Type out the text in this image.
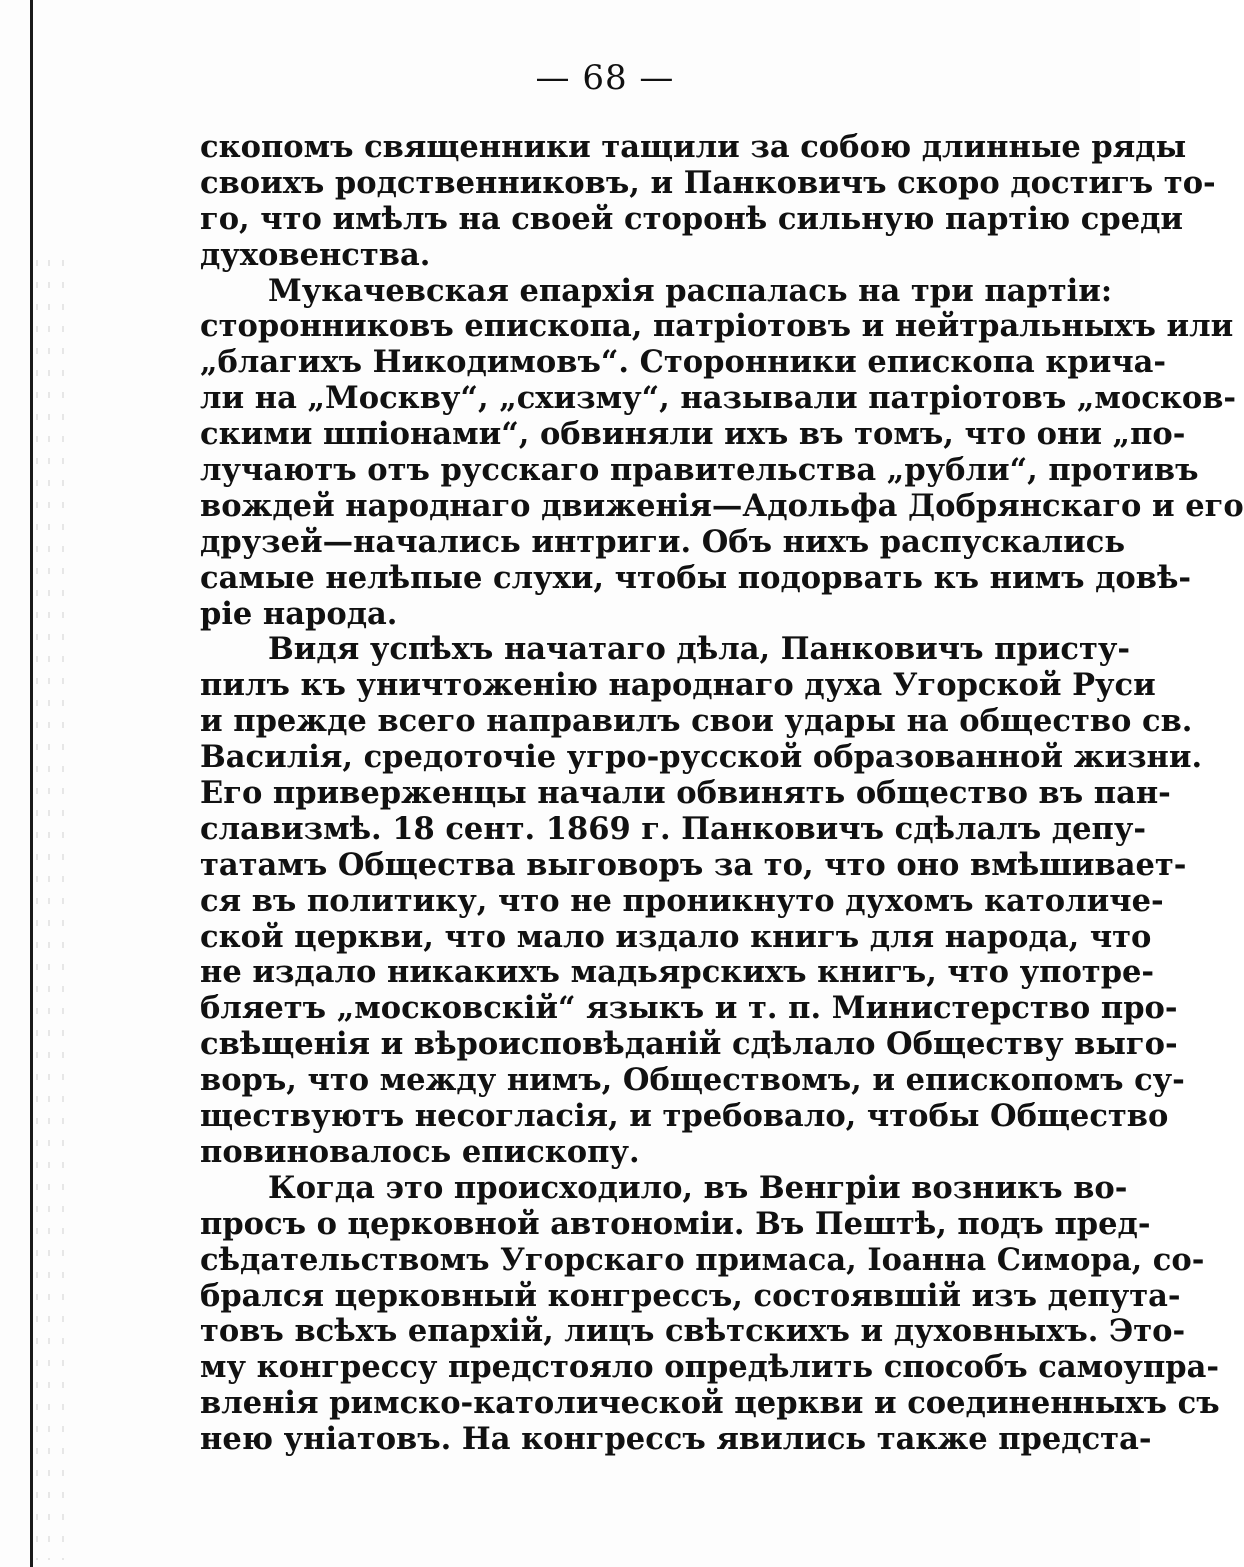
— 68 —
скопомъ священники тащили за собою длинные ряды
своихъ родственниковъ, и Панковичъ скоро достигъ то-
го, что имѣлъ на своей сторонѣ сильную партію среди
духовенства.
Мукачевская епархія распалась на три партіи:
сторонниковъ епископа, патріотовъ и нейтральныхъ или
„благихъ Никодимовъ“. Сторонники епископа крича-
ли на „Москву“, „схизму“, называли патріотовъ „москов-
скими шпіонами“, обвиняли ихъ въ томъ, что они „по-
лучаютъ отъ русскаго правительства „рубли“, противъ
вождей народнаго движенія—Адольфа Добрянскаго и его
друзей—начались интриги. Объ нихъ распускались
самые нелѣпые слухи, чтобы подорвать къ нимъ довѣ-
ріе народа.
Видя успѣхъ начатаго дѣла, Панковичъ присту-
пилъ къ уничтоженію народнаго духа Угорской Руси
и прежде всего направилъ свои удары на общество св.
Василія, средоточіе угро-русской образованной жизни.
Его приверженцы начали обвинять общество въ пан-
славизмѣ. 18 сент. 1869 г. Панковичъ сдѣлалъ депу-
татамъ Общества выговоръ за то, что оно вмѣшивает-
ся въ политику, что не проникнуто духомъ католиче-
ской церкви, что мало издало книгъ для народа, что
не издало никакихъ мадьярскихъ книгъ, что употре-
бляетъ „московскій“ языкъ и т. п. Министерство про-
свѣщенія и вѣроисповѣданій сдѣлало Обществу выго-
воръ, что между нимъ, Обществомъ, и епископомъ су-
ществуютъ несогласія, и требовало, чтобы Общество
повиновалось епископу.
Когда это происходило, въ Венгріи возникъ во-
просъ о церковной автономіи. Въ Пештѣ, подъ пред-
сѣдательствомъ Угорскаго примаса, Іоанна Симора, со-
брался церковный конгрессъ, состоявшій изъ депута-
товъ всѣхъ епархій, лицъ свѣтскихъ и духовныхъ. Это-
му конгрессу предстояло опредѣлить способъ самоупра-
вленія римско-католической церкви и соединенныхъ съ
нею уніатовъ. На конгрессъ явились также предста-
